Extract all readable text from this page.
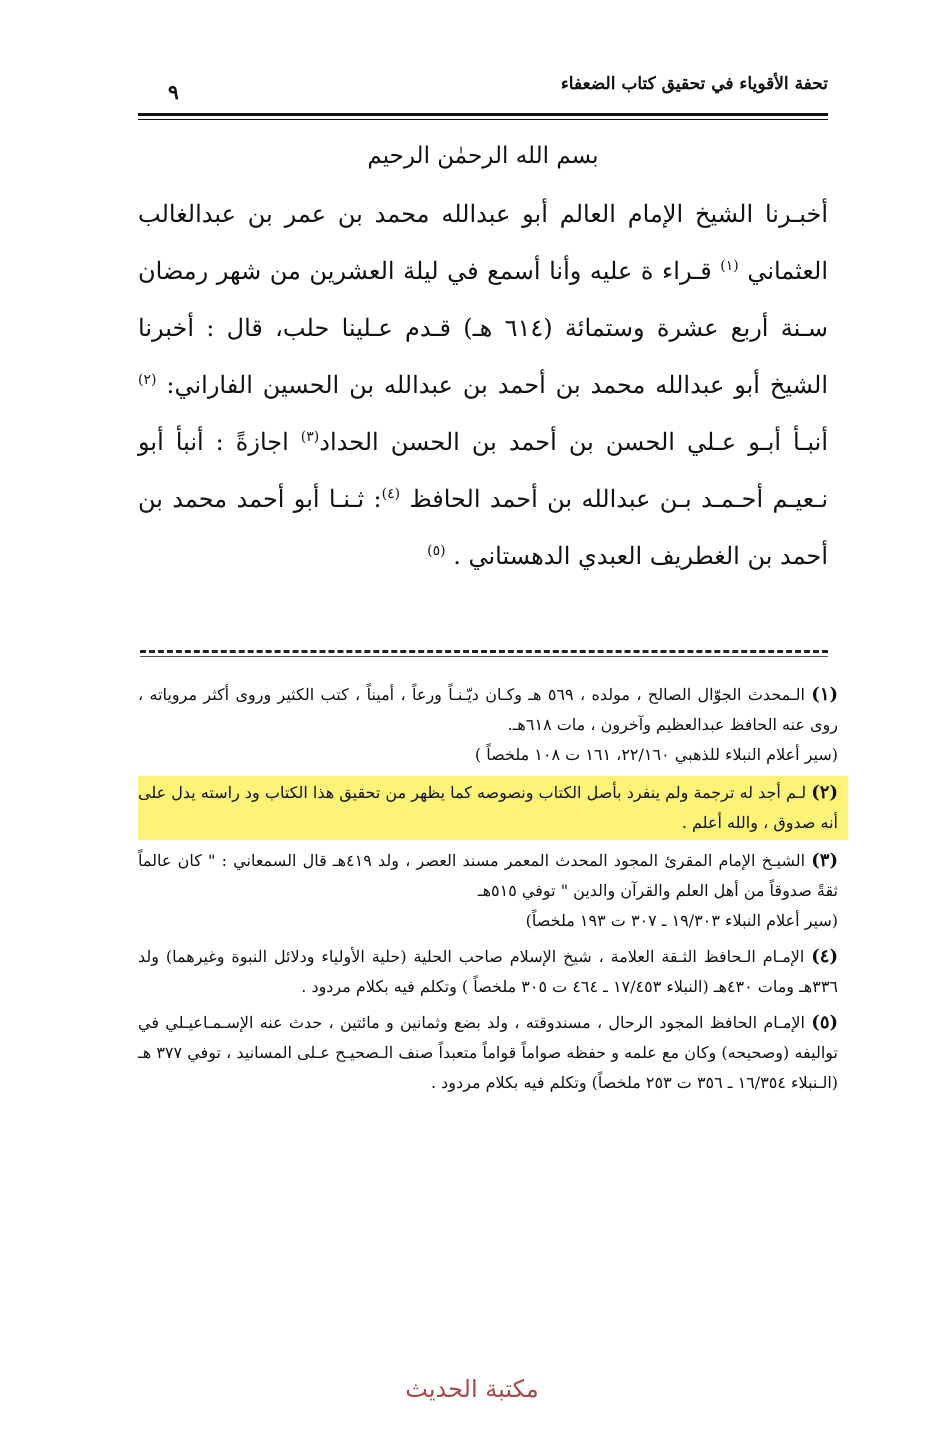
تحفة الأقوياء في تحقيق كتاب الضعفاء
٩
بسم الله الرحمٰن الرحيم
أخبـرنا الشيخ الإمام العالم أبو عبدالله محمد بن عمر بن عبدالغالب العثماني $^{(١)}$ قـراء ة عليه وأنا أسمع في ليلة العشرين من شهر رمضان سـنة أربع عشرة وستمائة (٦١٤ هـ) قـدم عـلينا حلب، قال : أخبرنا الشيخ أبو عبدالله محمد بن أحمد بن عبدالله بن الحسين الفاراني: $^{(٢)}$ أنبـأ أبـو عـلي الحسن بن أحمد بن الحسن الحداد$^{(٣)}$ اجازةً : أنبأ أبو نـعيـم أحـمـد بـن عبدالله بن أحمد الحافظ $^{(٤)}$: ثـنـا أبو أحمد محمد بن أحمد بن الغطريف العبدي الدهستاني . $^{(٥)}$
(١) الـمحدث الجوّال الصالح ، مولده ، ٥٦٩ هـ وكـان ديّـنـاً ورعاً ، أميناً ، كتب الكثير وروى أكثر مروياته ، روى عنه الحافظ عبدالعظيم وآخرون ، مات ٦١٨هـ.
(سير أعلام النبلاء للذهبي ٢٢/١٦٠، ١٦١ ت ١٠٨ ملخصاً )
(٢) لـم أجد له ترجمة ولم ينفرد بأصل الكتاب ونصوصه كما يظهر من تحقيق هذا الكتاب ود راسته يدل على أنه صدوق ، والله أعلم .
(٣) الشيـخ الإمام المقرئ المجود المحدث المعمر مسند العصر ، ولد ٤١٩هـ قال السمعاني : " كان عالماً ثقةً صدوقاً من أهل العلم والقرآن والدين " توفي ٥١٥هـ
(سير أعلام النبلاء ١٩/٣٠٣ ـ ٣٠٧ ت ١٩٣ ملخصاً)
(٤) الإمـام الـحافظ الثـقة العلامة ، شيخ الإسلام صاحب الحلية (حلية الأولياء ودلائل النبوة وغيرهما) ولد ٣٣٦هـ ومات ٤٣٠هـ (النبلاء ١٧/٤٥٣ ـ ٤٦٤ ت ٣٠٥ ملخصاً ) وتكلم فيه بكلام مردود .
(٥) الإمـام الحافظ المجود الرحال ، مسندوقته ، ولد بضع وثمانين و مائتين ، حدث عنه الإسـمـاعيـلي في تواليفه (وصحيحه) وكان مع علمه و حفظه صواماً قواماً متعبداً صنف الـصحيـح عـلى المسانيد ، توفي ٣٧٧ هـ (الـنبلاء ١٦/٣٥٤ ـ ٣٥٦ ت ٢٥٣ ملخصاً) وتكلم فيه بكلام مردود .
مكتبة الحديث
